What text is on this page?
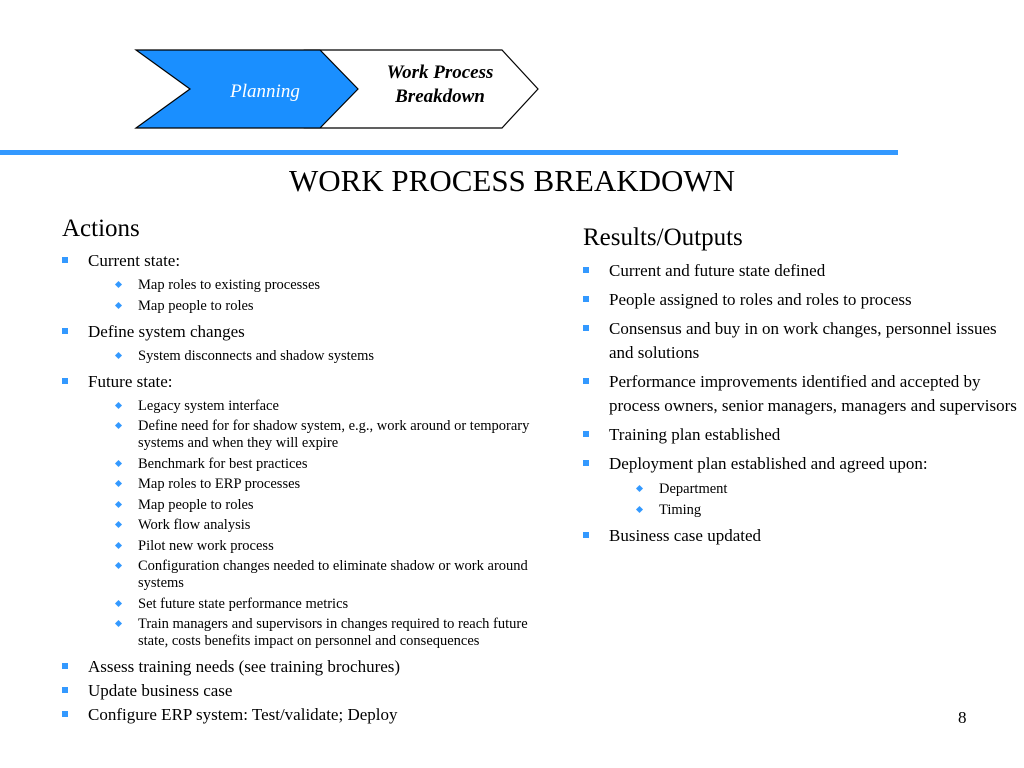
Planning
Work Process
Breakdown
WORK PROCESS BREAKDOWN
Actions	Results/Outputs
Current state:
Map roles to existing processes
Map people to roles
Define system changes
System disconnects and shadow systems
Future state:
Legacy system interface
Define need for for shadow system, e.g., work around or temporary systems and when they will expire
Benchmark for best practices
Map roles to ERP processes
Map people to roles
Work flow analysis
Pilot new work process
Configuration changes needed to eliminate shadow or work around systems
Set future state performance metrics
Train managers and supervisors in changes required to reach future state, costs benefits impact on personnel and consequences
Assess training needs (see training brochures)
Update business case
Configure ERP system: Test/validate; Deploy
Current and future state defined
People assigned to roles and roles to process
Consensus and buy in on work changes, personnel issues and solutions
Performance improvements identified and accepted by process owners, senior managers, managers and supervisors
Training plan established
Deployment plan established and agreed upon:
Department
Timing
Business case updated
8
